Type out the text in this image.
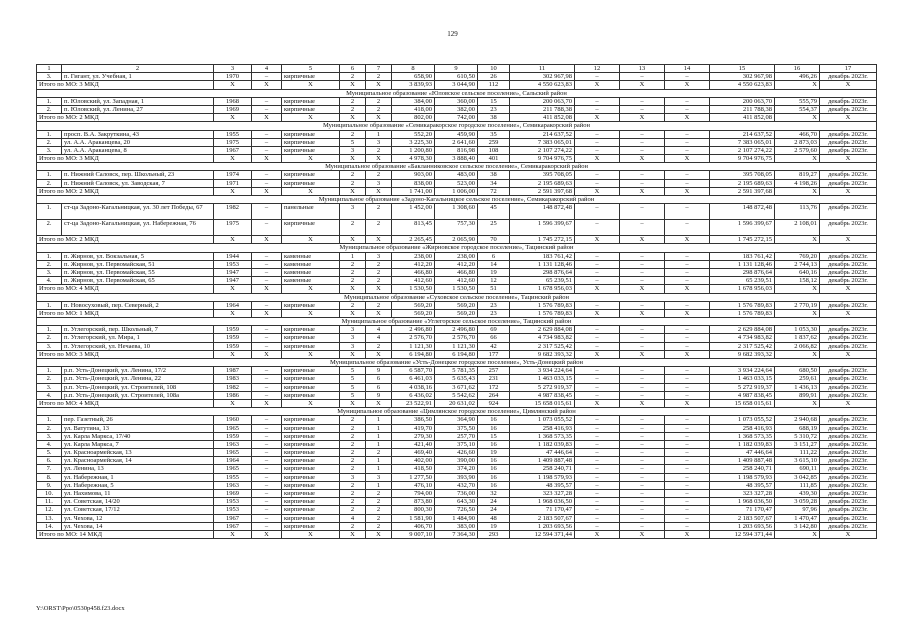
129
1	2	3	4	5	6	7	8	9	10	11	12	13	14	15	16	17
3.	п. Гигант, ул. Учебная, 1	1970	–	кирпичные	2	2	658,90	610,50	26	302 967,98	–	–	–	302 967,98	496,26	декабрь 2023г.
Итого по МО: 3 МКД		X	X	X	X	X	3 839,93	3 044,90	112	4 550 623,83	X	X	X	4 550 623,83	X	X
Муниципальное образование «Юловское сельское поселение», Сальский район																
1.	п. Юловский, ул. Западная, 1	1968	–	кирпичные	2	2	384,00	360,00	15	200 063,70	–	–	–	200 063,70	555,79	декабрь 2023г.
2.	п. Юловский, ул. Ленина, 27	1969	–	кирпичные	2	2	418,00	382,00	23	211 788,38	–	–	–	211 788,38	554,37	декабрь 2023г.
Итого по МО: 2 МКД		X	X	X	X	X	802,00	742,00	38	411 852,08	X	X	X	411 852,08	X	X
Муниципальное образование «Семикаракорское городское поселение», Семикаракорский район																
1.	просп. В.А. Закруткина, 43	1955	–	кирпичные	2	1	552,20	459,90	35	214 637,52	–	–	–	214 637,52	466,70	декабрь 2023г.
2.	ул. А.А. Араканцева, 20	1975	–	кирпичные	5	3	3 225,30	2 641,60	259	7 383 065,01	–	–	–	7 383 065,01	2 873,03	декабрь 2023г.
3.	ул. А.А. Араканцева, 8	1967	–	кирпичные	3	2	1 200,80	816,98	108	2 107 274,22	–	–	–	2 107 274,22	2 579,60	декабрь 2023г.
Итого по МО: 3 МКД		X	X	X	X	X	4 978,30	3 888,40	401	9 704 976,75	X	X	X	9 704 976,75	X	X
Муниципальное образование «Бакланниковское сельское поселение», Семикаракорский район																
1.	п. Нижний Саловск, пер. Школьный, 23	1974	–	кирпичные	2	2	903,00	483,00	38	395 708,05	–	–	–	395 708,05	819,27	декабрь 2023г.
2.	п. Нижний Саловск, ул. Заводская, 7	1971	–	кирпичные	2	3	838,00	523,00	34	2 195 689,63	–	–	–	2 195 689,63	4 198,26	декабрь 2023г.
Итого по МО: 2 МКД		X	X	X	X	X	1 741,00	1 006,00	72	2 591 397,68	X	X	X	2 591 397,68	X	X
Муниципальное образование «Задоно-Кагальницкое сельское поселение», Семикаракорский район																
1.	ст-ца Задоно-Кагальницкая, ул. 30 лет Победы, 67	1982	–	панельные	3	2	1 452,00	1 308,60	45	148 872,48	–	–	–	148 872,48	113,76	декабрь 2023г.
2.	ст-ца Задоно-Кагальницкая, ул. Набережная, 76	1975	–	кирпичные	2	2	813,45	757,30	25	1 596 399,67	–	–	–	1 596 399,67	2 108,01	декабрь 2023г.
Итого по МО: 2 МКД		X	X	X	X	X	2 265,45	2 065,90	70	1 745 272,15	X	X	X	1 745 272,15	X	X
Муниципальное образование «Жирновское городское поселение», Тацинский район																
1.	п. Жирнов, ул. Вокзальная, 5	1944	–	каменные	1	3	238,00	238,00	6	183 761,42	–	–	–	183 761,42	769,20	декабрь 2023г.
2.	п. Жирнов, ул. Первомайская, 51	1953	–	каменные	2	2	412,20	412,20	14	1 131 128,46	–	–	–	1 131 128,46	2 744,13	декабрь 2023г.
3.	п. Жирнов, ул. Первомайская, 55	1947	–	каменные	2	2	466,80	466,80	19	298 876,64	–	–	–	298 876,64	640,16	декабрь 2023г.
4.	п. Жирнов, ул. Первомайская, 65	1947	–	каменные	2	2	412,60	412,60	12	65 239,51	–	–	–	65 239,51	158,12	декабрь 2023г.
Итого по МО: 4 МКД		X	X	X	X	X	1 530,50	1 530,50	51	1 678 956,03	X	X	X	1 678 956,03	X	X
Муниципальное образование «Суховское сельское поселение», Тацинский район																
1.	п. Новосуховый, пер. Северный, 2	1964	–	кирпичные	2	2	569,20	569,20	23	1 576 789,83	–	–	–	1 576 789,83	2 770,19	декабрь 2023г.
Итого по МО: 1 МКД		X	X	X	X	X	569,20	569,20	23	1 576 789,83	X	X	X	1 576 789,83	X	X
Муниципальное образование «Углегорское сельское поселение», Тацинский район																
1.	п. Углегорский, пер. Школьный, 7	1959	–	кирпичные	3	4	2 496,80	2 496,80	69	2 629 884,08	–	–	–	2 629 884,08	1 053,30	декабрь 2023г.
2.	п. Углегорский, ул. Мира, 1	1959	–	кирпичные	3	4	2 576,70	2 576,70	66	4 734 983,82	–	–	–	4 734 983,82	1 837,62	декабрь 2023г.
3.	п. Углегорский, ул. Нечаева, 10	1959	–	кирпичные	3	2	1 121,30	1 121,30	42	2 317 525,42	–	–	–	2 317 525,42	2 066,82	декабрь 2023г.
Итого по МО: 3 МКД		X	X	X	X	X	6 194,80	6 194,80	177	9 682 393,32	X	X	X	9 682 393,32	X	X
Муниципальное образование «Усть-Донецкое городское поселение», Усть-Донецкий район																
1.	р.п. Усть-Донецкий, ул. Ленина, 17/2	1987	–	кирпичные	5	9	6 587,70	5 781,35	257	3 934 224,64	–	–	–	3 934 224,64	680,50	декабрь 2023г.
2.	р.п. Усть-Донецкий, ул. Ленина, 22	1983	–	кирпичные	5	6	6 461,03	5 635,43	231	1 463 033,15	–	–	–	1 463 033,15	259,61	декабрь 2023г.
3.	р.п. Усть-Донецкий, ул. Строителей, 108	1982	–	кирпичные	5	6	4 038,16	3 671,62	172	5 272 919,37	–	–	–	5 272 919,37	1 436,13	декабрь 2023г.
4.	р.п. Усть-Донецкий, ул. Строителей, 108а	1986	–	кирпичные	5	9	6 436,02	5 542,62	264	4 987 838,45	–	–	–	4 987 838,45	899,91	декабрь 2023г.
Итого по МО: 4 МКД		X	X	X	X	X	23 522,91	20 631,02	924	15 658 015,61	X	X	X	15 658 015,61	X	X
Муниципальное образование «Цимлянское городское поселение», Цимлянский район																
1.	пер. Газетный, 26	1960	–	кирпичные	2	1	386,50	364,90	16	1 073 055,52	–	–	–	1 073 055,52	2 940,68	декабрь 2023г.
2.	ул. Ватутина, 13	1965	–	кирпичные	2	1	419,70	375,50	16	258 416,93	–	–	–	258 416,93	688,19	декабрь 2023г.
3.	ул. Карла Маркса, 17/40	1959	–	кирпичные	2	1	279,30	257,70	15	1 368 573,35	–	–	–	1 368 573,35	5 310,72	декабрь 2023г.
4.	ул. Карла Маркса, 7	1963	–	кирпичные	2	1	421,40	375,10	16	1 182 039,83	–	–	–	1 182 039,83	3 151,27	декабрь 2023г.
5.	ул. Красноармейская, 13	1965	–	кирпичные	2	2	469,40	426,60	19	47 446,64	–	–	–	47 446,64	111,22	декабрь 2023г.
6.	ул. Красноармейская, 14	1964	–	кирпичные	2	1	402,00	390,00	16	1 409 887,48	–	–	–	1 409 887,48	3 615,10	декабрь 2023г.
7.	ул. Ленина, 13	1965	–	кирпичные	2	1	418,50	374,20	16	258 240,71	–	–	–	258 240,71	690,11	декабрь 2023г.
8.	ул. Набережная, 1	1955	–	кирпичные	3	3	1 277,50	393,90	16	1 198 579,93	–	–	–	1 198 579,93	3 042,85	декабрь 2023г.
9.	ул. Набережная, 5	1963	–	кирпичные	2	1	476,10	432,70	16	48 395,57	–	–	–	48 395,57	111,85	декабрь 2023г.
10.	ул. Нахимова, 11	1969	–	кирпичные	2	2	794,00	736,00	32	323 327,28	–	–	–	323 327,28	439,30	декабрь 2023г.
11.	ул. Советская, 14/20	1953	–	кирпичные	2	2	873,80	643,30	24	1 968 036,50	–	–	–	1 968 036,50	3 059,28	декабрь 2023г.
12.	ул. Советская, 17/12	1953	–	кирпичные	2	2	800,30	726,50	24	71 170,47	–	–	–	71 170,47	97,96	декабрь 2023г.
13.	ул. Чехова, 12	1967	–	кирпичные	4	2	1 581,90	1 484,90	48	2 183 507,67	–	–	–	2 183 507,67	1 470,47	декабрь 2023г.
14.	ул. Чехова, 14	1967	–	кирпичные	2	2	406,70	383,00	19	1 203 693,56	–	–	–	1 203 693,56	3 142,80	декабрь 2023г.
Итого по МО: 14 МКД		X	X	X	X	X	9 007,10	7 364,30	293	12 594 371,44	X	X	X	12 594 371,44	X	X
Y:\ORST\Ppo\0530p458.f23.docx
